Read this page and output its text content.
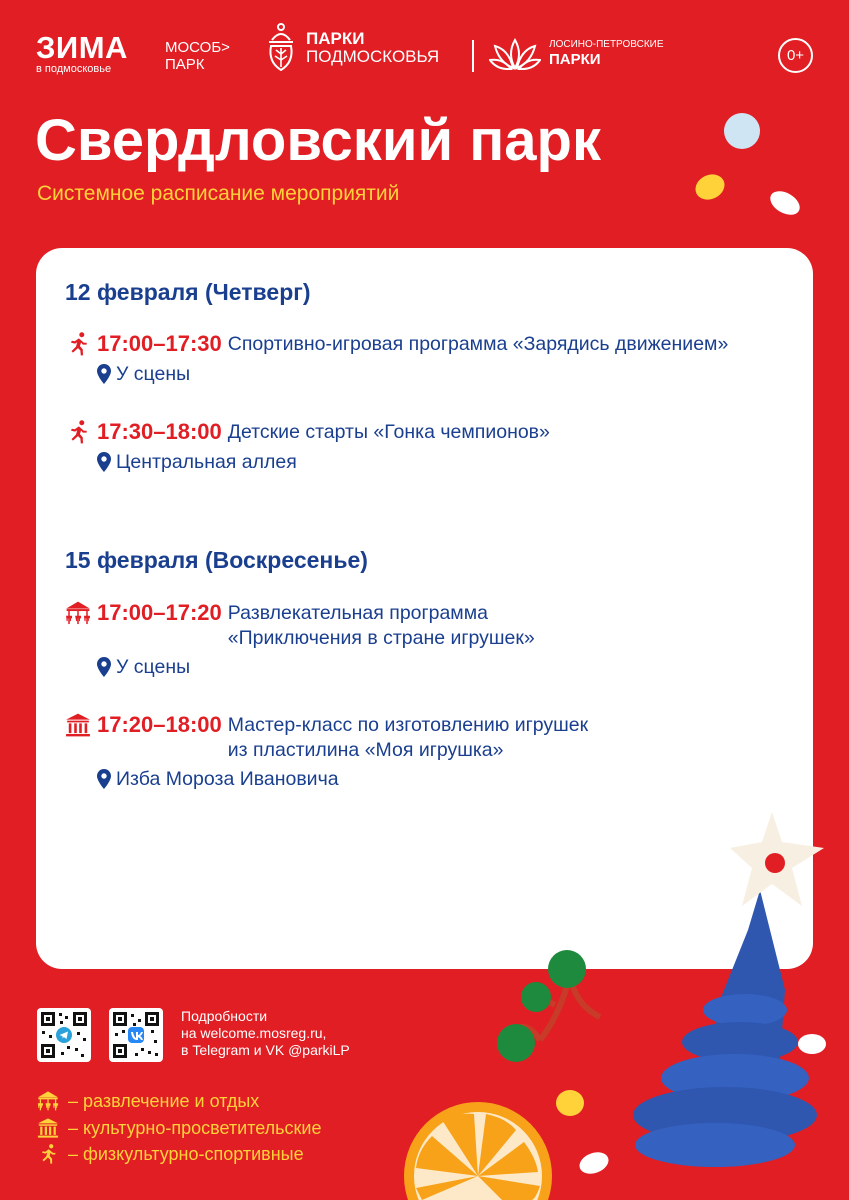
ЗИМА
в подмосковье
МОСОБ>
ПАРК
ПАРКИ
ПОДМОСКОВЬЯ
ЛОСИНО-ПЕТРОВСКИЕ
ПАРКИ	0+
Свердловский парк
Системное расписание мероприятий
12 февраля (Четверг)
17:00–17:30 Спортивно-игровая программа «Зарядись движением»
У сцены
17:30–18:00 Детские старты «Гонка чемпионов»
Центральная аллея
15 февраля (Воскресенье)
17:00–17:20 Развлекательная программа
«Приключения в стране игрушек»
У сцены
17:20–18:00 Мастер-класс по изготовлению игрушек
из пластилина «Моя игрушка»
Изба Мороза Ивановича
Подробности
на welcome.mosreg.ru,
в Telegram и VK @parkiLP
– развлечение и отдых
– культурно-просветительские
– физкультурно-спортивные
